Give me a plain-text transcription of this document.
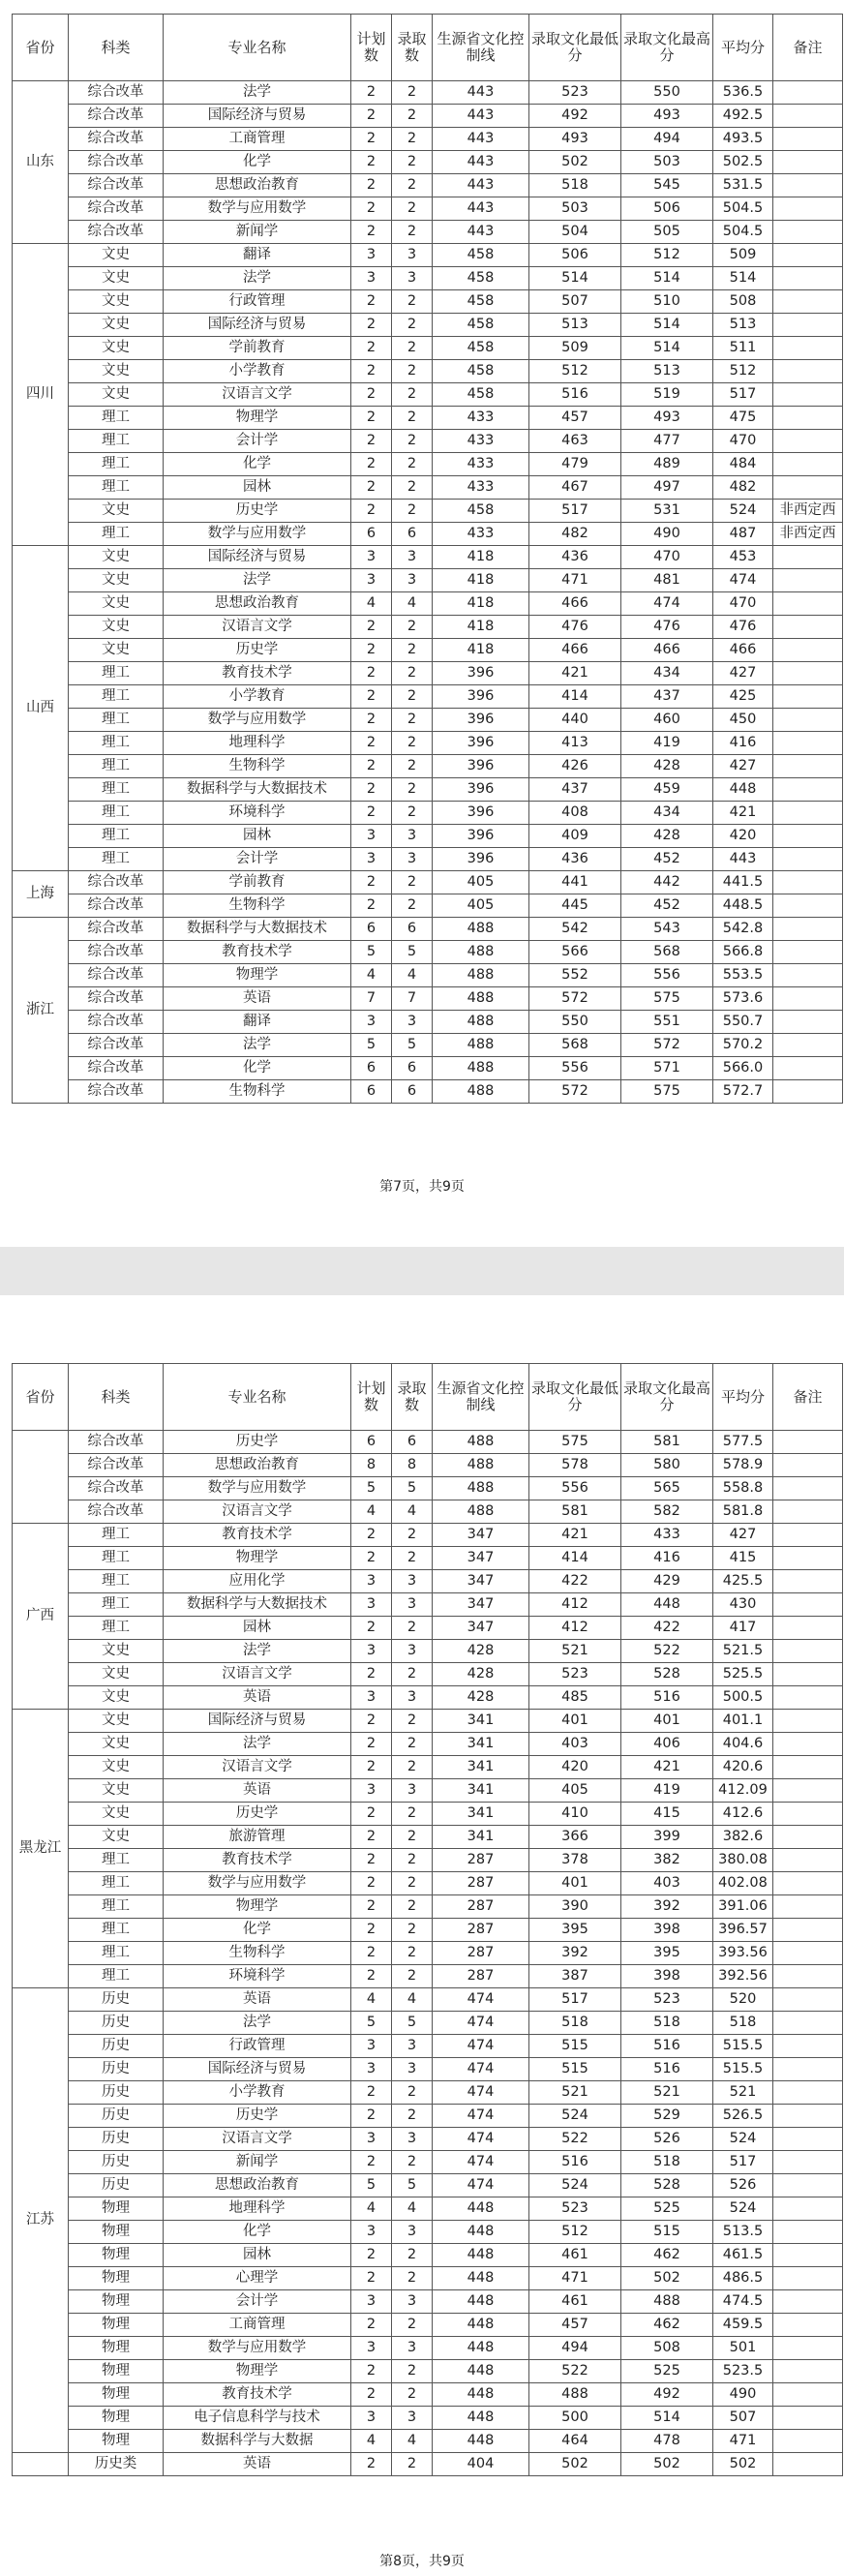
省份	科类	专业名称	计划数	录取数	生源省文化控制线	录取文化最低分	录取文化最高分	平均分	备注
山东	综合改革	法学	2	2	443	523	550	536.5	
	综合改革	国际经济与贸易	2	2	443	492	493	492.5	
	综合改革	工商管理	2	2	443	493	494	493.5	
	综合改革	化学	2	2	443	502	503	502.5	
	综合改革	思想政治教育	2	2	443	518	545	531.5	
	综合改革	数学与应用数学	2	2	443	503	506	504.5	
	综合改革	新闻学	2	2	443	504	505	504.5	
四川	文史	翻译	3	3	458	506	512	509	
	文史	法学	3	3	458	514	514	514	
	文史	行政管理	2	2	458	507	510	508	
	文史	国际经济与贸易	2	2	458	513	514	513	
	文史	学前教育	2	2	458	509	514	511	
	文史	小学教育	2	2	458	512	513	512	
	文史	汉语言文学	2	2	458	516	519	517	
	理工	物理学	2	2	433	457	493	475	
	理工	会计学	2	2	433	463	477	470	
	理工	化学	2	2	433	479	489	484	
	理工	园林	2	2	433	467	497	482	
	文史	历史学	2	2	458	517	531	524	非西定西
	理工	数学与应用数学	6	6	433	482	490	487	非西定西
山西	文史	国际经济与贸易	3	3	418	436	470	453	
	文史	法学	3	3	418	471	481	474	
	文史	思想政治教育	4	4	418	466	474	470	
	文史	汉语言文学	2	2	418	476	476	476	
	文史	历史学	2	2	418	466	466	466	
	理工	教育技术学	2	2	396	421	434	427	
	理工	小学教育	2	2	396	414	437	425	
	理工	数学与应用数学	2	2	396	440	460	450	
	理工	地理科学	2	2	396	413	419	416	
	理工	生物科学	2	2	396	426	428	427	
	理工	数据科学与大数据技术	2	2	396	437	459	448	
	理工	环境科学	2	2	396	408	434	421	
	理工	园林	3	3	396	409	428	420	
	理工	会计学	3	3	396	436	452	443	
上海	综合改革	学前教育	2	2	405	441	442	441.5	
	综合改革	生物科学	2	2	405	445	452	448.5	
浙江	综合改革	数据科学与大数据技术	6	6	488	542	543	542.8	
	综合改革	教育技术学	5	5	488	566	568	566.8	
	综合改革	物理学	4	4	488	552	556	553.5	
	综合改革	英语	7	7	488	572	575	573.6	
	综合改革	翻译	3	3	488	550	551	550.7	
	综合改革	法学	5	5	488	568	572	570.2	
	综合改革	化学	6	6	488	556	571	566.0	
	综合改革	生物科学	6	6	488	572	575	572.7	
第7页，共9页
省份	科类	专业名称	计划数	录取数	生源省文化控制线	录取文化最低分	录取文化最高分	平均分	备注
	综合改革	历史学	6	6	488	575	581	577.5	
	综合改革	思想政治教育	8	8	488	578	580	578.9	
	综合改革	数学与应用数学	5	5	488	556	565	558.8	
	综合改革	汉语言文学	4	4	488	581	582	581.8	
广西	理工	教育技术学	2	2	347	421	433	427	
	理工	物理学	2	2	347	414	416	415	
	理工	应用化学	3	3	347	422	429	425.5	
	理工	数据科学与大数据技术	3	3	347	412	448	430	
	理工	园林	2	2	347	412	422	417	
	文史	法学	3	3	428	521	522	521.5	
	文史	汉语言文学	2	2	428	523	528	525.5	
	文史	英语	3	3	428	485	516	500.5	
黑龙江	文史	国际经济与贸易	2	2	341	401	401	401.1	
	文史	法学	2	2	341	403	406	404.6	
	文史	汉语言文学	2	2	341	420	421	420.6	
	文史	英语	3	3	341	405	419	412.09	
	文史	历史学	2	2	341	410	415	412.6	
	文史	旅游管理	2	2	341	366	399	382.6	
	理工	教育技术学	2	2	287	378	382	380.08	
	理工	数学与应用数学	2	2	287	401	403	402.08	
	理工	物理学	2	2	287	390	392	391.06	
	理工	化学	2	2	287	395	398	396.57	
	理工	生物科学	2	2	287	392	395	393.56	
	理工	环境科学	2	2	287	387	398	392.56	
江苏	历史	英语	4	4	474	517	523	520	
	历史	法学	5	5	474	518	518	518	
	历史	行政管理	3	3	474	515	516	515.5	
	历史	国际经济与贸易	3	3	474	515	516	515.5	
	历史	小学教育	2	2	474	521	521	521	
	历史	历史学	2	2	474	524	529	526.5	
	历史	汉语言文学	3	3	474	522	526	524	
	历史	新闻学	2	2	474	516	518	517	
	历史	思想政治教育	5	5	474	524	528	526	
	物理	地理科学	4	4	448	523	525	524	
	物理	化学	3	3	448	512	515	513.5	
	物理	园林	2	2	448	461	462	461.5	
	物理	心理学	2	2	448	471	502	486.5	
	物理	会计学	3	3	448	461	488	474.5	
	物理	工商管理	2	2	448	457	462	459.5	
	物理	数学与应用数学	3	3	448	494	508	501	
	物理	物理学	2	2	448	522	525	523.5	
	物理	教育技术学	2	2	448	488	492	490	
	物理	电子信息科学与技术	3	3	448	500	514	507	
	物理	数据科学与大数据	4	4	448	464	478	471	
	历史类	英语	2	2	404	502	502	502	
第8页，共9页
